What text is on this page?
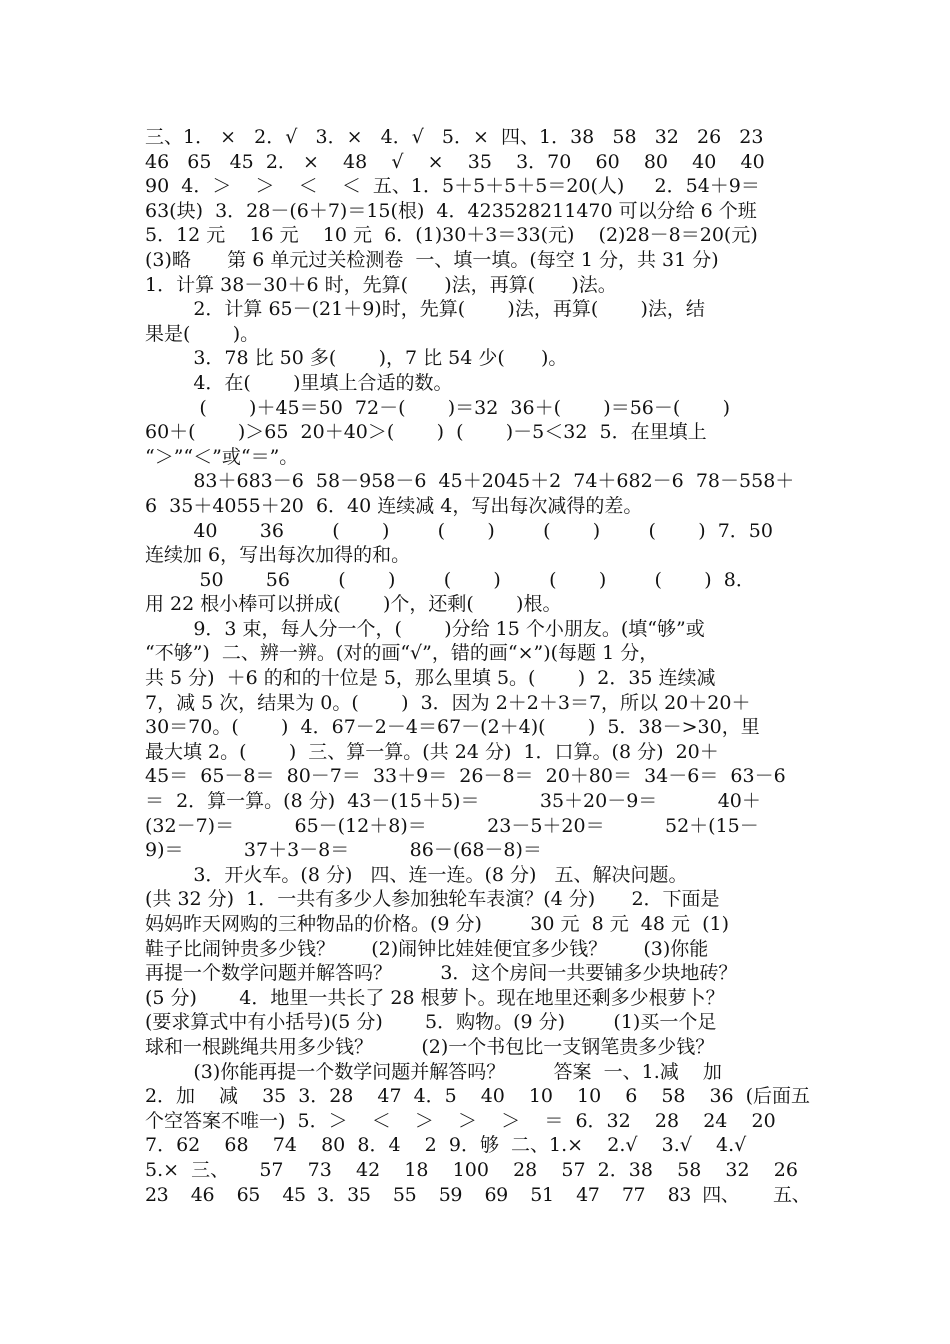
三、1． ×   2．√   3．×   4．√   5．×  四、1．38   58   32   26   23
46   65   45  2． ×    48    √    ×    35    3．70    60    80    40    40
90  4．＞    ＞    ＜    ＜  五、1．5＋5＋5＋5＝20(人)     2．54＋9＝
63(块)  3．28－(6＋7)＝15(根)  4．423528211470 可以分给 6 个班
5．12 元    16 元    10 元  6．(1)30＋3＝33(元)    (2)28－8＝20(元)
(3)略      第 6 单元过关检测卷  一、填一填。(每空 1 分，共 31 分)
1．计算 38－30＋6 时，先算(      )法，再算(      )法。
2．计算 65－(21＋9)时，先算(       )法，再算(       )法，结
果是(       )。
3．78 比 50 多(       )，7 比 54 少(      )。
4．在(       )里填上合适的数。
(       )＋45＝50  72－(       )＝32  36＋(       )＝56－(       )
60＋(       )＞65  20＋40＞(       )  (       )－5＜32  5．在里填上
“＞”“＜”或“＝”。
83＋683－6  58－958－6  45＋2045＋2  74＋682－6  78－558＋
6  35＋4055＋20  6．40 连续减 4，写出每次减得的差。
40       36        (       )        (       )        (       )        (       )  7．50
连续加 6，写出每次加得的和。
50       56        (       )        (       )        (       )        (       )  8．
用 22 根小棒可以拼成(       )个，还剩(       )根。
9．3 束，每人分一个，(       )分给 15 个小朋友。(填“够”或
“不够”)  二、辨一辨。(对的画“√”，错的画“×”)(每题 1 分，
共 5 分)  ＋6 的和的十位是 5，那么里填 5。(       )  2．35 连续减
7，减 5 次，结果为 0。(       )  3．因为 2＋2＋3＝7，所以 20＋20＋
30＝70。(       )  4．67－2－4＝67－(2＋4)(       )  5．38－>30，里
最大填 2。(       )  三、算一算。(共 24 分)  1．口算。(8 分)  20＋
45＝  65－8＝  80－7＝  33＋9＝  26－8＝  20＋80＝  34－6＝  63－6
＝  2．算一算。(8 分)  43－(15＋5)＝          35＋20－9＝          40＋
(32－7)＝          65－(12＋8)＝          23－5＋20＝          52＋(15－
9)＝          37＋3－8＝          86－(68－8)＝
3．开火车。(8 分)   四、连一连。(8 分)   五、解决问题。
(共 32 分)  1．一共有多少人参加独轮车表演？(4 分)      2．下面是
妈妈昨天网购的三种物品的价格。(9 分)        30 元  8 元  48 元  (1)
鞋子比闹钟贵多少钱？      (2)闹钟比娃娃便宜多少钱？      (3)你能
再提一个数学问题并解答吗？        3．这个房间一共要铺多少块地砖？
(5 分)       4．地里一共长了 28 根萝卜。现在地里还剩多少根萝卜？
(要求算式中有小括号)(5 分)       5．购物。(9 分)        (1)买一个足
球和一根跳绳共用多少钱？        (2)一个书包比一支钢笔贵多少钱？
(3)你能再提一个数学问题并解答吗？        答案  一、1.减    加
2．加    减    35  3．28    47  4．5    40    10    10    6    58    36  (后面五
个空答案不唯一)  5．＞    ＜    ＞    ＞    ＞    ＝  6．32    28    24    20
7．62    68    74    80  8．4    2  9．够  二、1.×    2.√    3.√    4.√
5.×  三、     57    73    42    18    100    28    57  2．38    58    32    26
23    46    65    45  3．35    55    59    69    51    47    77    83  四、      五、
